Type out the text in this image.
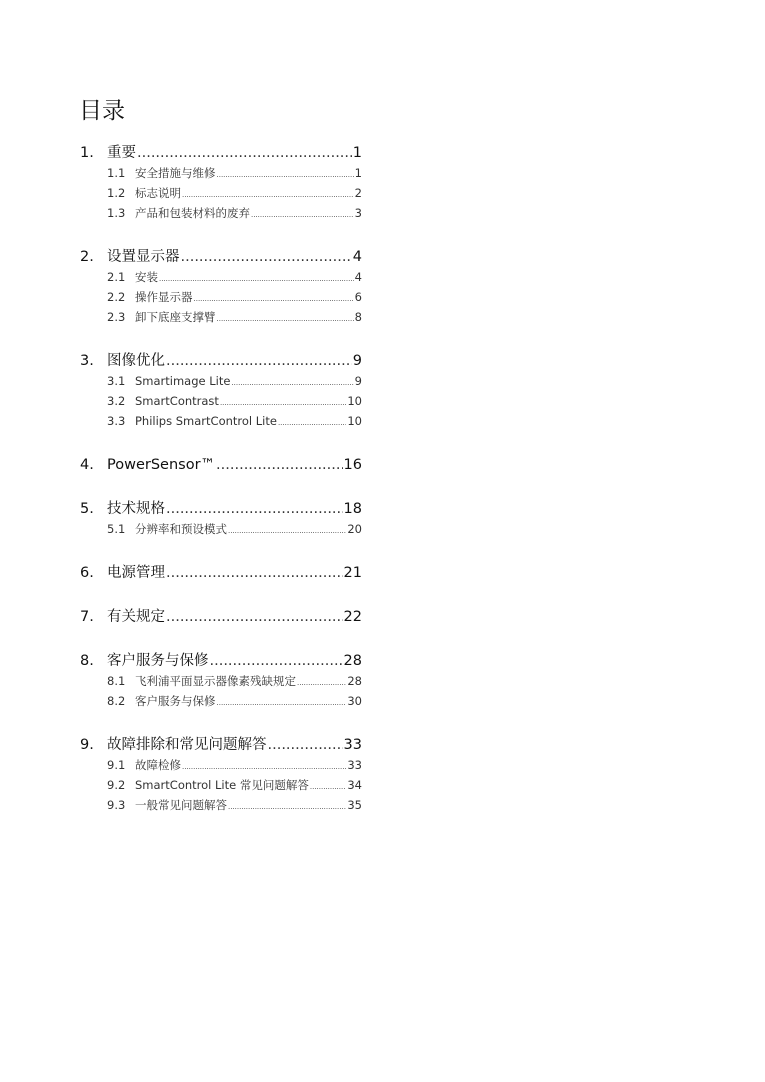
目录
1. 重要 .....	1
1.1 安全措施与维修 .....	1
1.2 标志说明 .....	2
1.3 产品和包装材料的废弃 .....	3
2. 设置显示器 .....	4
2.1 安装 .....	4
2.2 操作显示器 .....	6
2.3 卸下底座支撑臂 .....	8
3. 图像优化 .....	9
3.1 Smartimage Lite .....	9
3.2 SmartContrast .....	10
3.3 Philips SmartControl Lite .....	10
4. PowerSensor™ .....	16
5. 技术规格 .....	18
5.1 分辨率和预设模式 .....	20
6. 电源管理 .....	21
7. 有关规定 .....	22
8. 客户服务与保修 .....	28
8.1 飞利浦平面显示器像素残缺规定 .....	28
8.2 客户服务与保修 .....	30
9. 故障排除和常见问题解答 .....	33
9.1 故障检修 .....	33
9.2 SmartControl Lite 常见问题解答 .....	34
9.3 一般常见问题解答 .....	35
